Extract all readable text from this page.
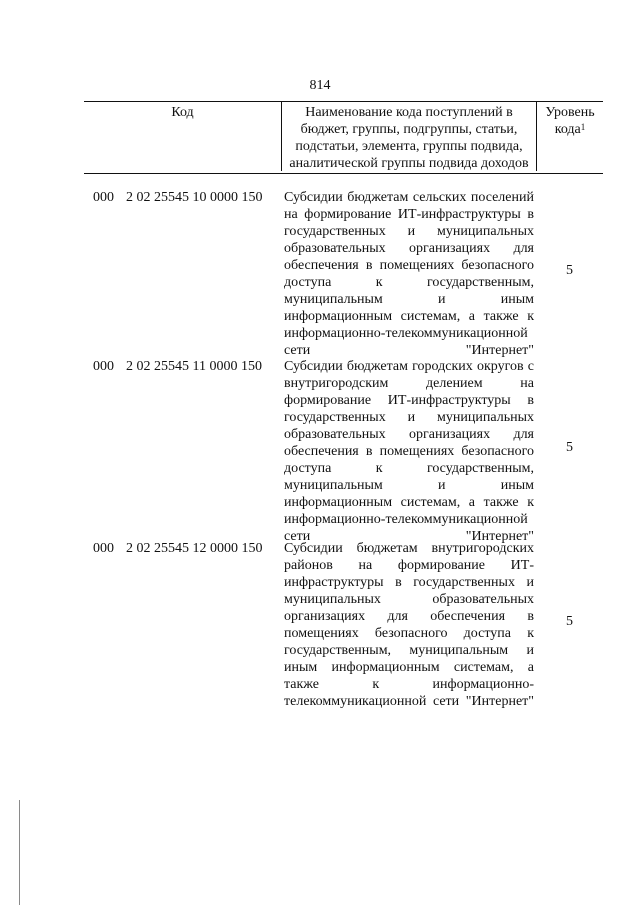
814
Код	Наименование кода поступлений в бюджет, группы, подгруппы, статьи, подстатьи, элемента, группы подвида, аналитической группы подвида доходов
Уровень кода$^1$
000 2 02 25545 10 0000 150 Субсидии бюджетам сельских поселений на формирование ИТ-инфраструктуры в государственных и муниципальных образовательных организациях для обеспечения в помещениях безопасного доступа к государственным, муниципальным и иным информационным системам, а также к информационно-телекоммуникационной сети "Интернет"
5
000 2 02 25545 11 0000 150 Субсидии бюджетам городских округов с внутригородским делением на формирование ИТ-инфраструктуры в государственных и муниципальных образовательных организациях для обеспечения в помещениях безопасного доступа к государственным, муниципальным и иным информационным системам, а также к информационно-телекоммуникационной сети "Интернет"
5
000 2 02 25545 12 0000 150 Субсидии бюджетам внутригородских районов на формирование ИТ-инфраструктуры в государственных и муниципальных образовательных организациях для обеспечения в помещениях безопасного доступа к государственным, муниципальным и иным информационным системам, а также к информационно-телекоммуникационной сети "Интернет"
5
